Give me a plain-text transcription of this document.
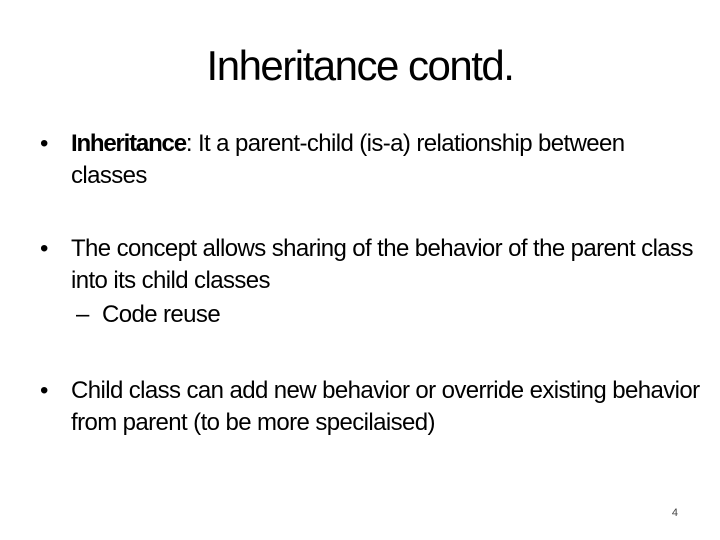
Inheritance contd.
• Inheritance: It a parent-child (is-a) relationship between classes
• The concept allows sharing of the behavior of the parent class into its child classes
– Code reuse
• Child class can add new behavior or override existing behavior from parent (to be more specilaised)
4
